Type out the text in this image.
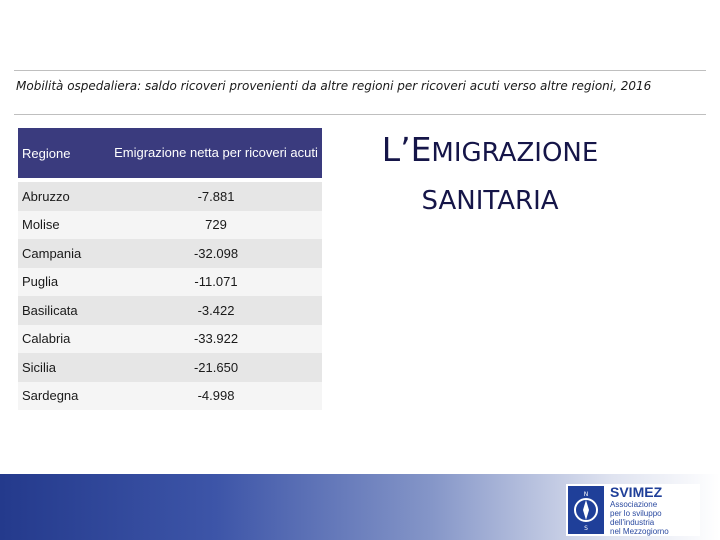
Mobilità ospedaliera: saldo ricoveri provenienti da altre regioni per ricoveri acuti verso altre regioni, 2016
Regione	Emigrazione netta per ricoveri acuti
Abruzzo	-7.881
Molise	729
Campania	-32.098
Puglia	-11.071
Basilicata	-3.422
Calabria	-33.922
Sicilia	-21.650
Sardegna	-4.998
L’EMIGRAZIONE
SANITARIA
N
S
SVIMEZ
Associazione
per lo sviluppo
dell'industria
nel Mezzogiorno
